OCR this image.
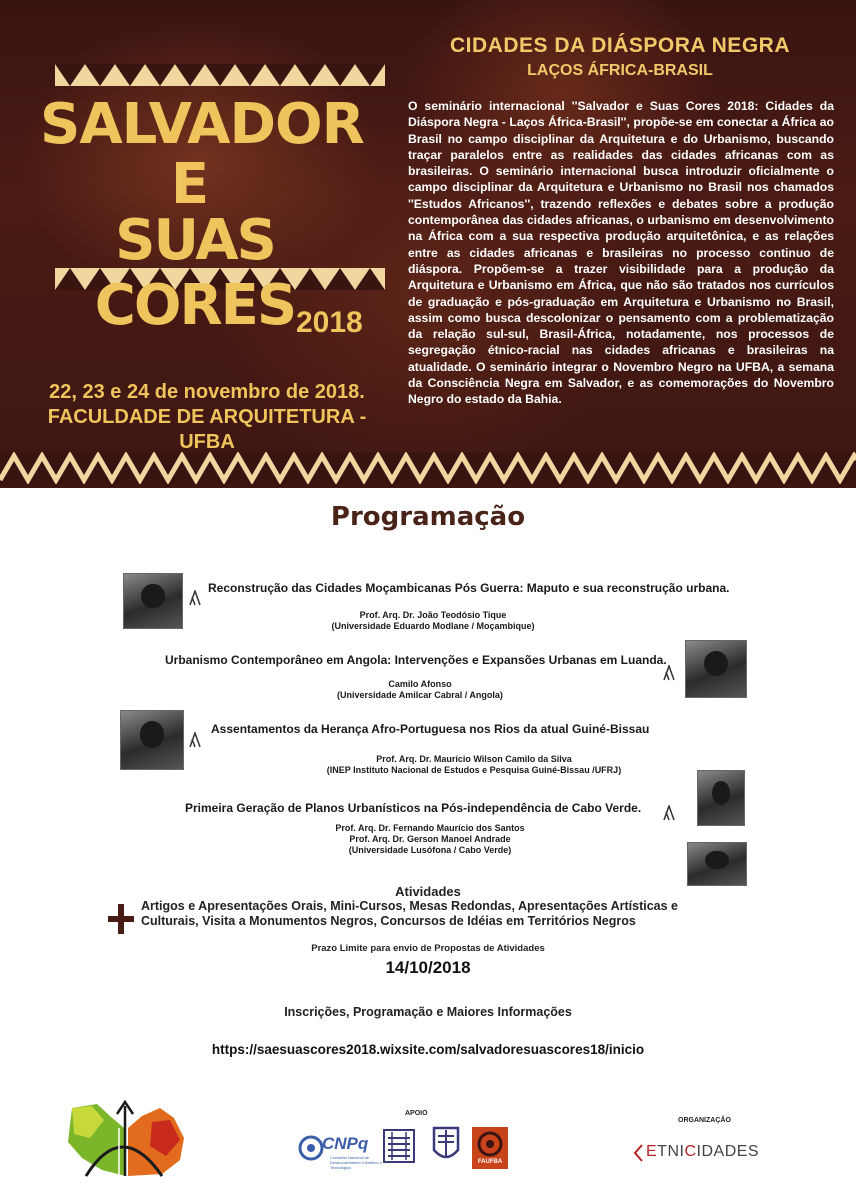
CIDADES DA DIÁSPORA NEGRA
LAÇOS ÁFRICA-BRASIL
SALVADOR
E
SUAS CORES 2018
22, 23 e 24 de novembro de 2018.
FACULDADE DE ARQUITETURA - UFBA
O seminário internacional ''Salvador e Suas Cores 2018: Cidades da Diáspora Negra - Laços África-Brasil'', propõe-se em conectar a África ao Brasil no campo disciplinar da Arquitetura e do Urbanismo, buscando traçar paralelos entre as realidades das cidades africanas com as brasileiras. O seminário internacional busca introduzir oficialmente o campo disciplinar da Arquitetura e Urbanismo no Brasil nos chamados ''Estudos Africanos'', trazendo reflexões e debates sobre a produção contemporânea das cidades africanas, o urbanismo em desenvolvimento na África com a sua respectiva produção arquitetônica, e as relações entre as cidades africanas e brasileiras no processo continuo de diáspora. Propõem-se a trazer visibilidade para a produção da Arquitetura e Urbanismo em África, que não são tratados nos currículos de graduação e pós-graduação em Arquitetura e Urbanismo no Brasil, assim como busca descolonizar o pensamento com a problematização da relação sul-sul, Brasil-África, notadamente, nos processos de segregação étnico-racial nas cidades africanas e brasileiras na atualidade. O seminário integrar o Novembro Negro na UFBA, a semana da Consciência Negra em Salvador, e as comemorações do Novembro Negro do estado da Bahia.
Programação
Reconstrução das Cidades Moçambicanas Pós Guerra: Maputo e sua reconstrução urbana.
Prof. Arq. Dr. João Teodósio Tique
(Universidade Eduardo Modlane / Moçambique)
Urbanismo Contemporâneo em Angola: Intervenções e Expansões Urbanas em Luanda.
Camilo Afonso
(Universidade Amilcar Cabral / Angola)
Assentamentos da Herança Afro-Portuguesa nos Rios da atual Guiné-Bissau
Prof. Arq. Dr. Maurício Wilson Camilo da Silva
(INEP Instituto Nacional de Estudos e Pesquisa Guiné-Bissau /UFRJ)
Primeira Geração de Planos Urbanísticos na Pós-independência de Cabo Verde.
Prof. Arq. Dr. Fernando Maurício dos Santos
Prof. Arq. Dr. Gerson Manoel Andrade
(Universidade Lusófona / Cabo Verde)
Atividades
Artigos e Apresentações Orais, Mini-Cursos, Mesas Redondas, Apresentações Artísticas e Culturais, Visita a Monumentos Negros, Concursos de Idéias em Territórios Negros
Prazo Limite para envio de Propostas de Atividades
14/10/2018
Inscrições, Programação e Maiores Informações
https://saesuascores2018.wixsite.com/salvadoresuascores18/inicio
APOIO
CNPq
Conselho Nacional de Desenvolvimento Científico e Tecnológico
FAUFBA
ORGANIZAÇÃO
ETNICIDADES
